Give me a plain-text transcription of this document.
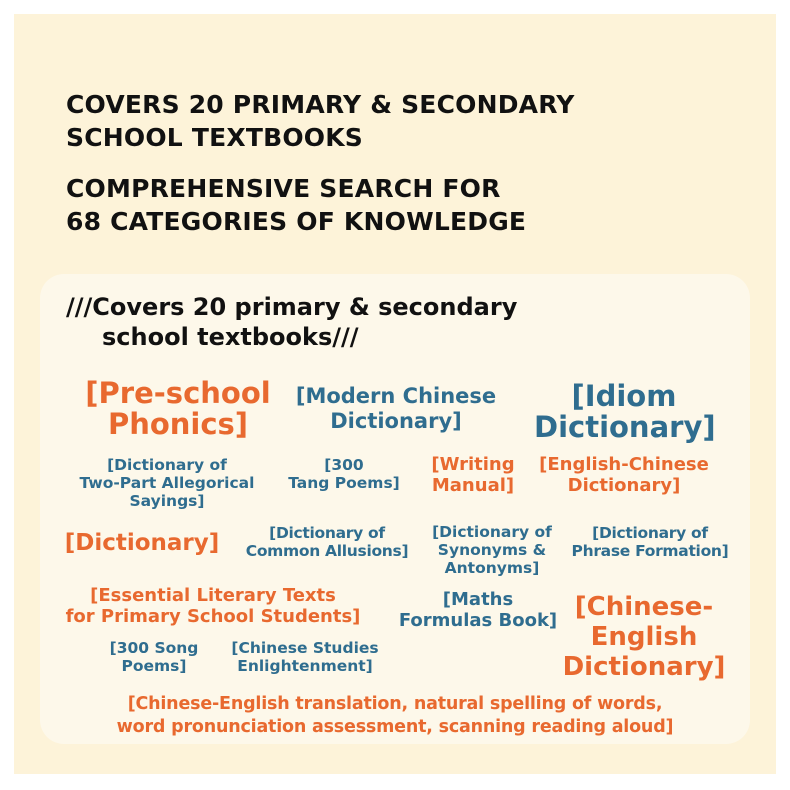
COVERS 20 PRIMARY & SECONDARY
SCHOOL TEXTBOOKS
COMPREHENSIVE SEARCH FOR
68 CATEGORIES OF KNOWLEDGE
///Covers 20 primary & secondary
school textbooks///
[Pre-school
Phonics]
[Modern Chinese
Dictionary]
[Idiom
Dictionary]
[Dictionary of
Two-Part Allegorical
Sayings]
[300
Tang Poems]
[Writing
Manual]
[English-Chinese
Dictionary]
[Dictionary]	[Dictionary of
Common Allusions]
[Dictionary of
Synonyms &
Antonyms]
[Dictionary of
Phrase Formation]
[Essential Literary Texts
for Primary School Students]
[Maths
Formulas Book] [Chinese-
English
Dictionary]
[300 Song
Poems]
[Chinese Studies
Enlightenment]
[Chinese-English translation, natural spelling of words,
word pronunciation assessment, scanning reading aloud]
